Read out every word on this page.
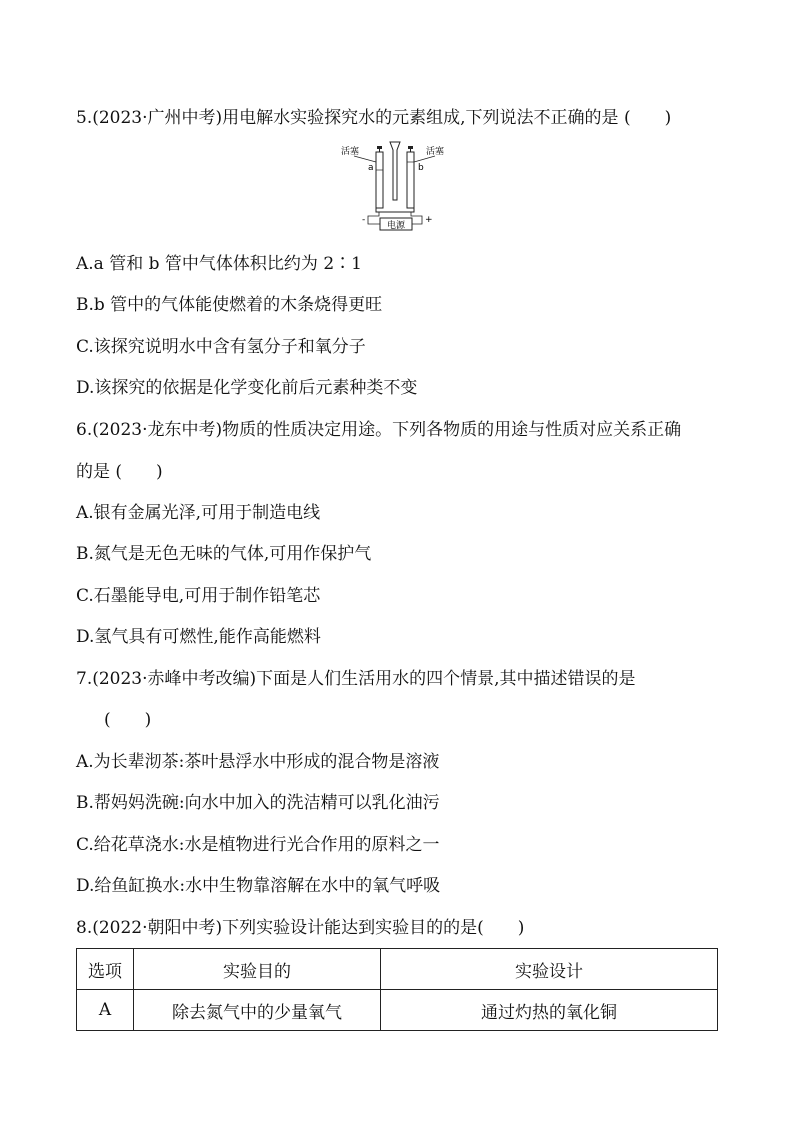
5.(2023·广州中考)用电解水实验探究水的元素组成,下列说法不正确的是 (　　)
电源
活塞	活塞
a	b
-	+
A.a 管和 b 管中气体体积比约为 2∶1
B.b 管中的气体能使燃着的木条烧得更旺
C.该探究说明水中含有氢分子和氧分子
D.该探究的依据是化学变化前后元素种类不变
6.(2023·龙东中考)物质的性质决定用途。下列各物质的用途与性质对应关系正确
的是 (　　)
A.银有金属光泽,可用于制造电线
B.氮气是无色无味的气体,可用作保护气
C.石墨能导电,可用于制作铅笔芯
D.氢气具有可燃性,能作高能燃料
7.(2023·赤峰中考改编)下面是人们生活用水的四个情景,其中描述错误的是
(　　)
A.为长辈沏茶:茶叶悬浮水中形成的混合物是溶液
B.帮妈妈洗碗:向水中加入的洗洁精可以乳化油污
C.给花草浇水:水是植物进行光合作用的原料之一
D.给鱼缸换水:水中生物靠溶解在水中的氧气呼吸
8.(2022·朝阳中考)下列实验设计能达到实验目的的是(　　)
选项	实验目的	实验设计
A	除去氮气中的少量氧气	通过灼热的氧化铜
